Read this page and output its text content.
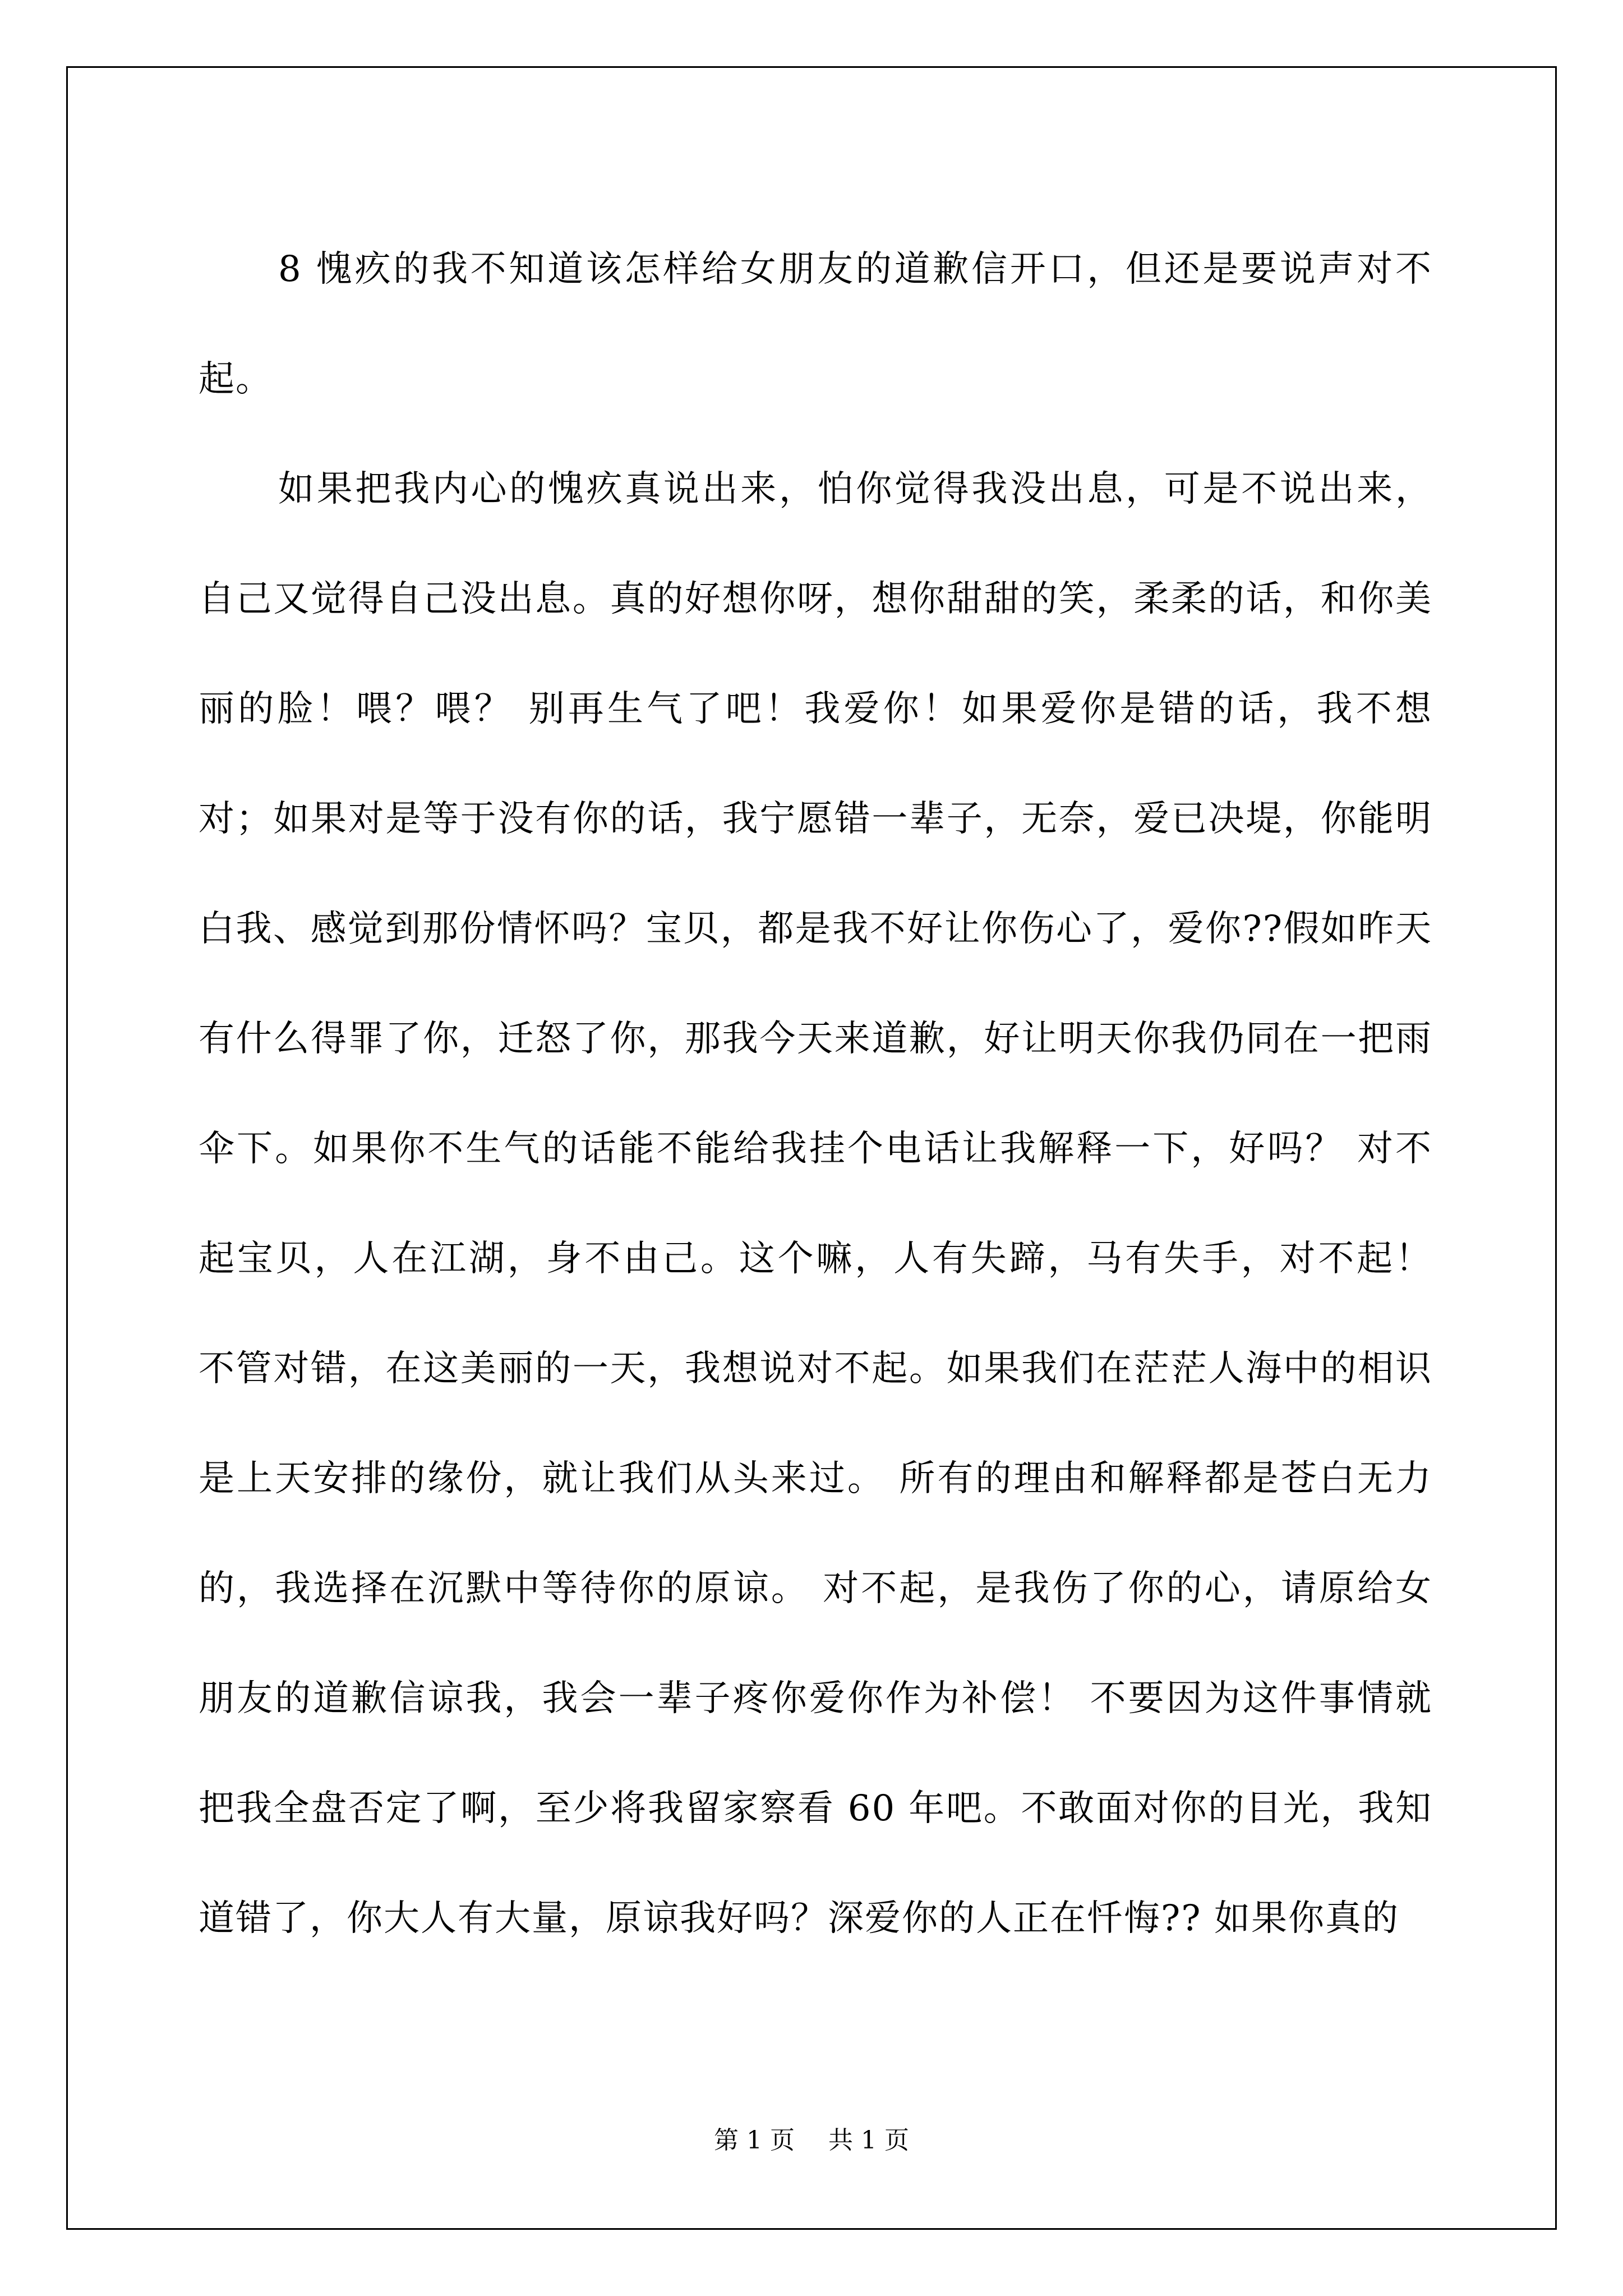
8 愧疚的我不知道该怎样给女朋友的道歉信开口，但还是要说声对不 起。

如果把我内心的愧疚真说出来，怕你觉得我没出息，可是不说出来， 自己又觉得自己没出息。真的好想你呀，想你甜甜的笑，柔柔的话，和你美丽的脸！喂？喂？ 别再生气了吧！我爱你！如果爱你是错的话，我不想对；如果对是等于没有你的话，我宁愿错一辈子，无奈，爱已决堤，你能明白我、感觉到那份情怀吗？宝贝，都是我不好让你伤心了，爱你??假如昨天有什么得罪了你，迁怒了你，那我今天来道歉，好让明天你我仍同在一把雨伞下。如果你不生气的话能不能给我挂个电话让我解释一下，好吗？ 对不起宝贝，人在江湖，身不由己。这个嘛，人有失蹄，马有失手，对不起！ 不管对错，在这美丽的一天，我想说对不起。如果我们在茫茫人海中的相识是上天安排的缘份，就让我们从头来过。 所有的理由和解释都是苍白无力的，我选择在沉默中等待你的原谅。 对不起，是我伤了你的心，请原给女朋友的道歉信谅我，我会一辈子疼你爱你作为补偿！ 不要因为这件事情就把我全盘否定了啊，至少将我留家察看 60 年吧。不敢面对你的目光，我知道错了，你大人有大量，原谅我好吗？深爱你的人正在忏悔?? 如果你真的

第 1 页 共 1 页
